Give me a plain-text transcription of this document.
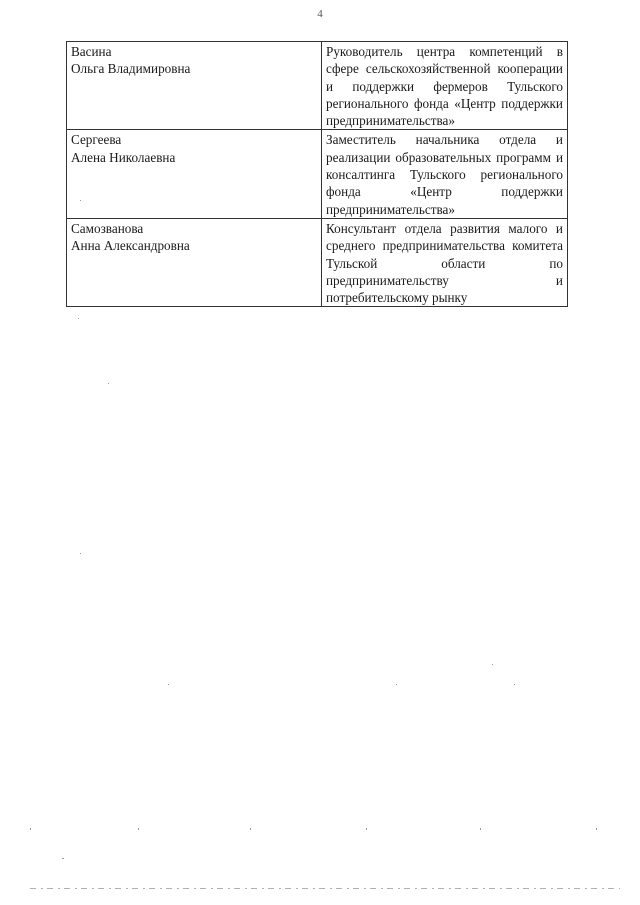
4
Васина
Ольга Владимировна	Руководитель центра компетенций в сфере сельскохозяйственной кооперации и поддержки фермеров Тульского регионального фонда «Центр поддержки предпринимательства»

Сергеева
Алена Николаевна	Заместитель начальника отдела и реализации образовательных программ и консалтинга Тульского регионального фонда «Центр поддержки предпринимательства»

Самозванова
Анна Александровна	Консультант отдела развития малого и среднего предпринимательства комитета Тульской области по предпринимательству и потребительскому рынку
